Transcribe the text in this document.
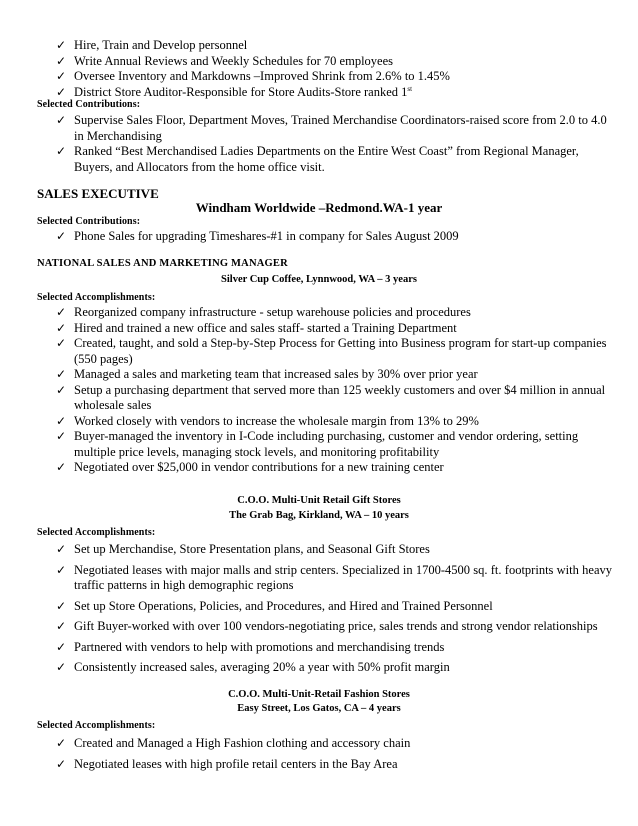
✓ Hire, Train and Develop personnel
✓ Write Annual Reviews and Weekly Schedules for 70 employees
✓ Oversee Inventory and Markdowns –Improved Shrink from 2.6% to 1.45%
✓ District Store Auditor-Responsible for Store Audits-Store ranked 1st
Selected Contributions:
✓ Supervise Sales Floor, Department Moves, Trained Merchandise Coordinators-raised score from 2.0 to 4.0 in Merchandising
✓ Ranked “Best Merchandised Ladies Departments on the Entire West Coast” from Regional Manager, Buyers, and Allocators from the home office visit.
SALES EXECUTIVE
Windham Worldwide –Redmond.WA-1 year
Selected Contributions:
✓ Phone Sales for upgrading Timeshares-#1 in company for Sales August 2009
NATIONAL SALES AND MARKETING MANAGER
Silver Cup Coffee, Lynnwood, WA – 3 years
Selected Accomplishments:
✓ Reorganized company infrastructure - setup warehouse policies and procedures
✓ Hired and trained a new office and sales staff- started a Training Department
✓ Created, taught, and sold a Step-by-Step Process for Getting into Business program for start-up companies (550 pages)
✓ Managed a sales and marketing team that increased sales by 30% over prior year
✓ Setup a purchasing department that served more than 125 weekly customers and over $4 million in annual wholesale sales
✓ Worked closely with vendors to increase the wholesale margin from 13% to 29%
✓ Buyer-managed the inventory in I-Code including purchasing, customer and vendor ordering, setting multiple price levels, managing stock levels, and monitoring profitability
✓ Negotiated over $25,000 in vendor contributions for a new training center
C.O.O. Multi-Unit Retail Gift Stores
The Grab Bag, Kirkland, WA – 10 years
Selected Accomplishments:
✓ Set up Merchandise, Store Presentation plans, and Seasonal Gift Stores
✓ Negotiated leases with major malls and strip centers. Specialized in 1700-4500 sq. ft. footprints with heavy traffic patterns in high demographic regions
✓ Set up Store Operations, Policies, and Procedures, and Hired and Trained Personnel
✓ Gift Buyer-worked with over 100 vendors-negotiating price, sales trends and strong vendor relationships
✓ Partnered with vendors to help with promotions and merchandising trends
✓ Consistently increased sales, averaging 20% a year with 50% profit margin
C.O.O. Multi-Unit-Retail Fashion Stores
Easy Street, Los Gatos, CA – 4 years
Selected Accomplishments:
✓ Created and Managed a High Fashion clothing and accessory chain
✓ Negotiated leases with high profile retail centers in the Bay Area
